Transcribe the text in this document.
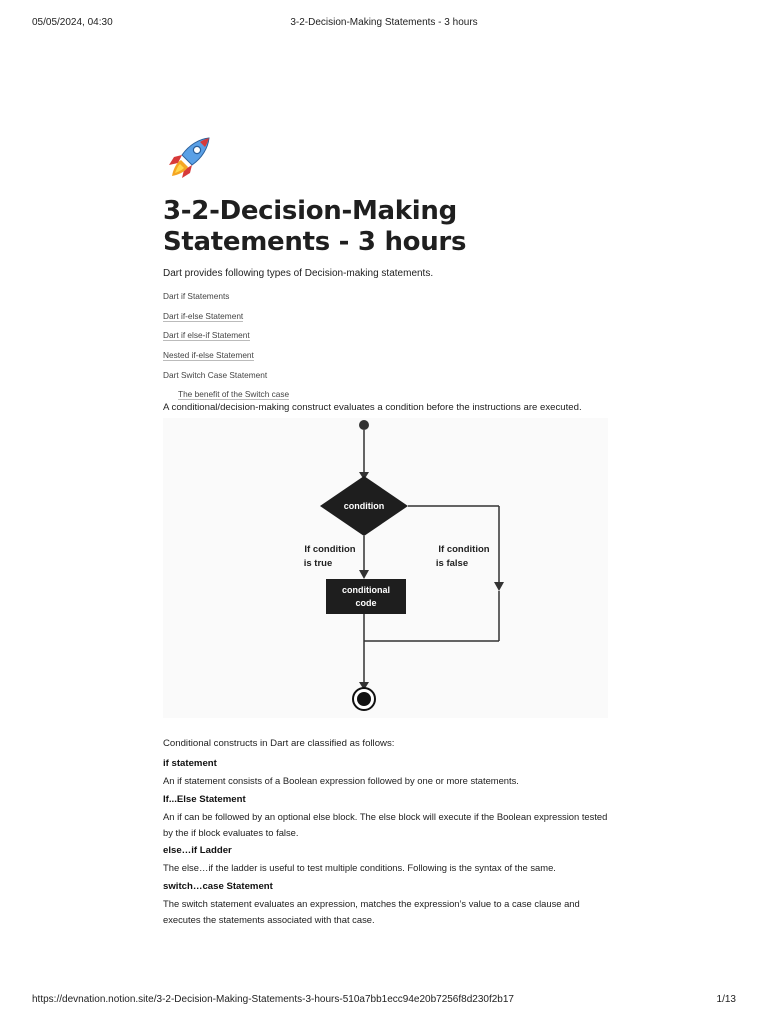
05/05/2024, 04:30	3-2-Decision-Making Statements - 3 hours
3-2-Decision-Making Statements - 3 hours

Dart provides following types of Decision-making statements.

Dart if Statements
Dart if-else Statement
Dart if else-if Statement
Nested if-else Statement
Dart Switch Case Statement
The benefit of the Switch case

A conditional/decision-making construct evaluates a condition before the instructions are executed.

condition
If condition
is true
If condition
is false
conditional
code

Conditional constructs in Dart are classified as follows:

if statement

An if statement consists of a Boolean expression followed by one or more statements.

If...Else Statement

An if can be followed by an optional else block. The else block will execute if the Boolean expression tested by the if block evaluates to false.

else…if Ladder

The else…if the ladder is useful to test multiple conditions. Following is the syntax of the same.

switch…case Statement

The switch statement evaluates an expression, matches the expression’s value to a case clause and executes the statements associated with that case.

https://devnation.notion.site/3-2-Decision-Making-Statements-3-hours-510a7bb1ecc94e20b7256f8d230f2b17	1/13
